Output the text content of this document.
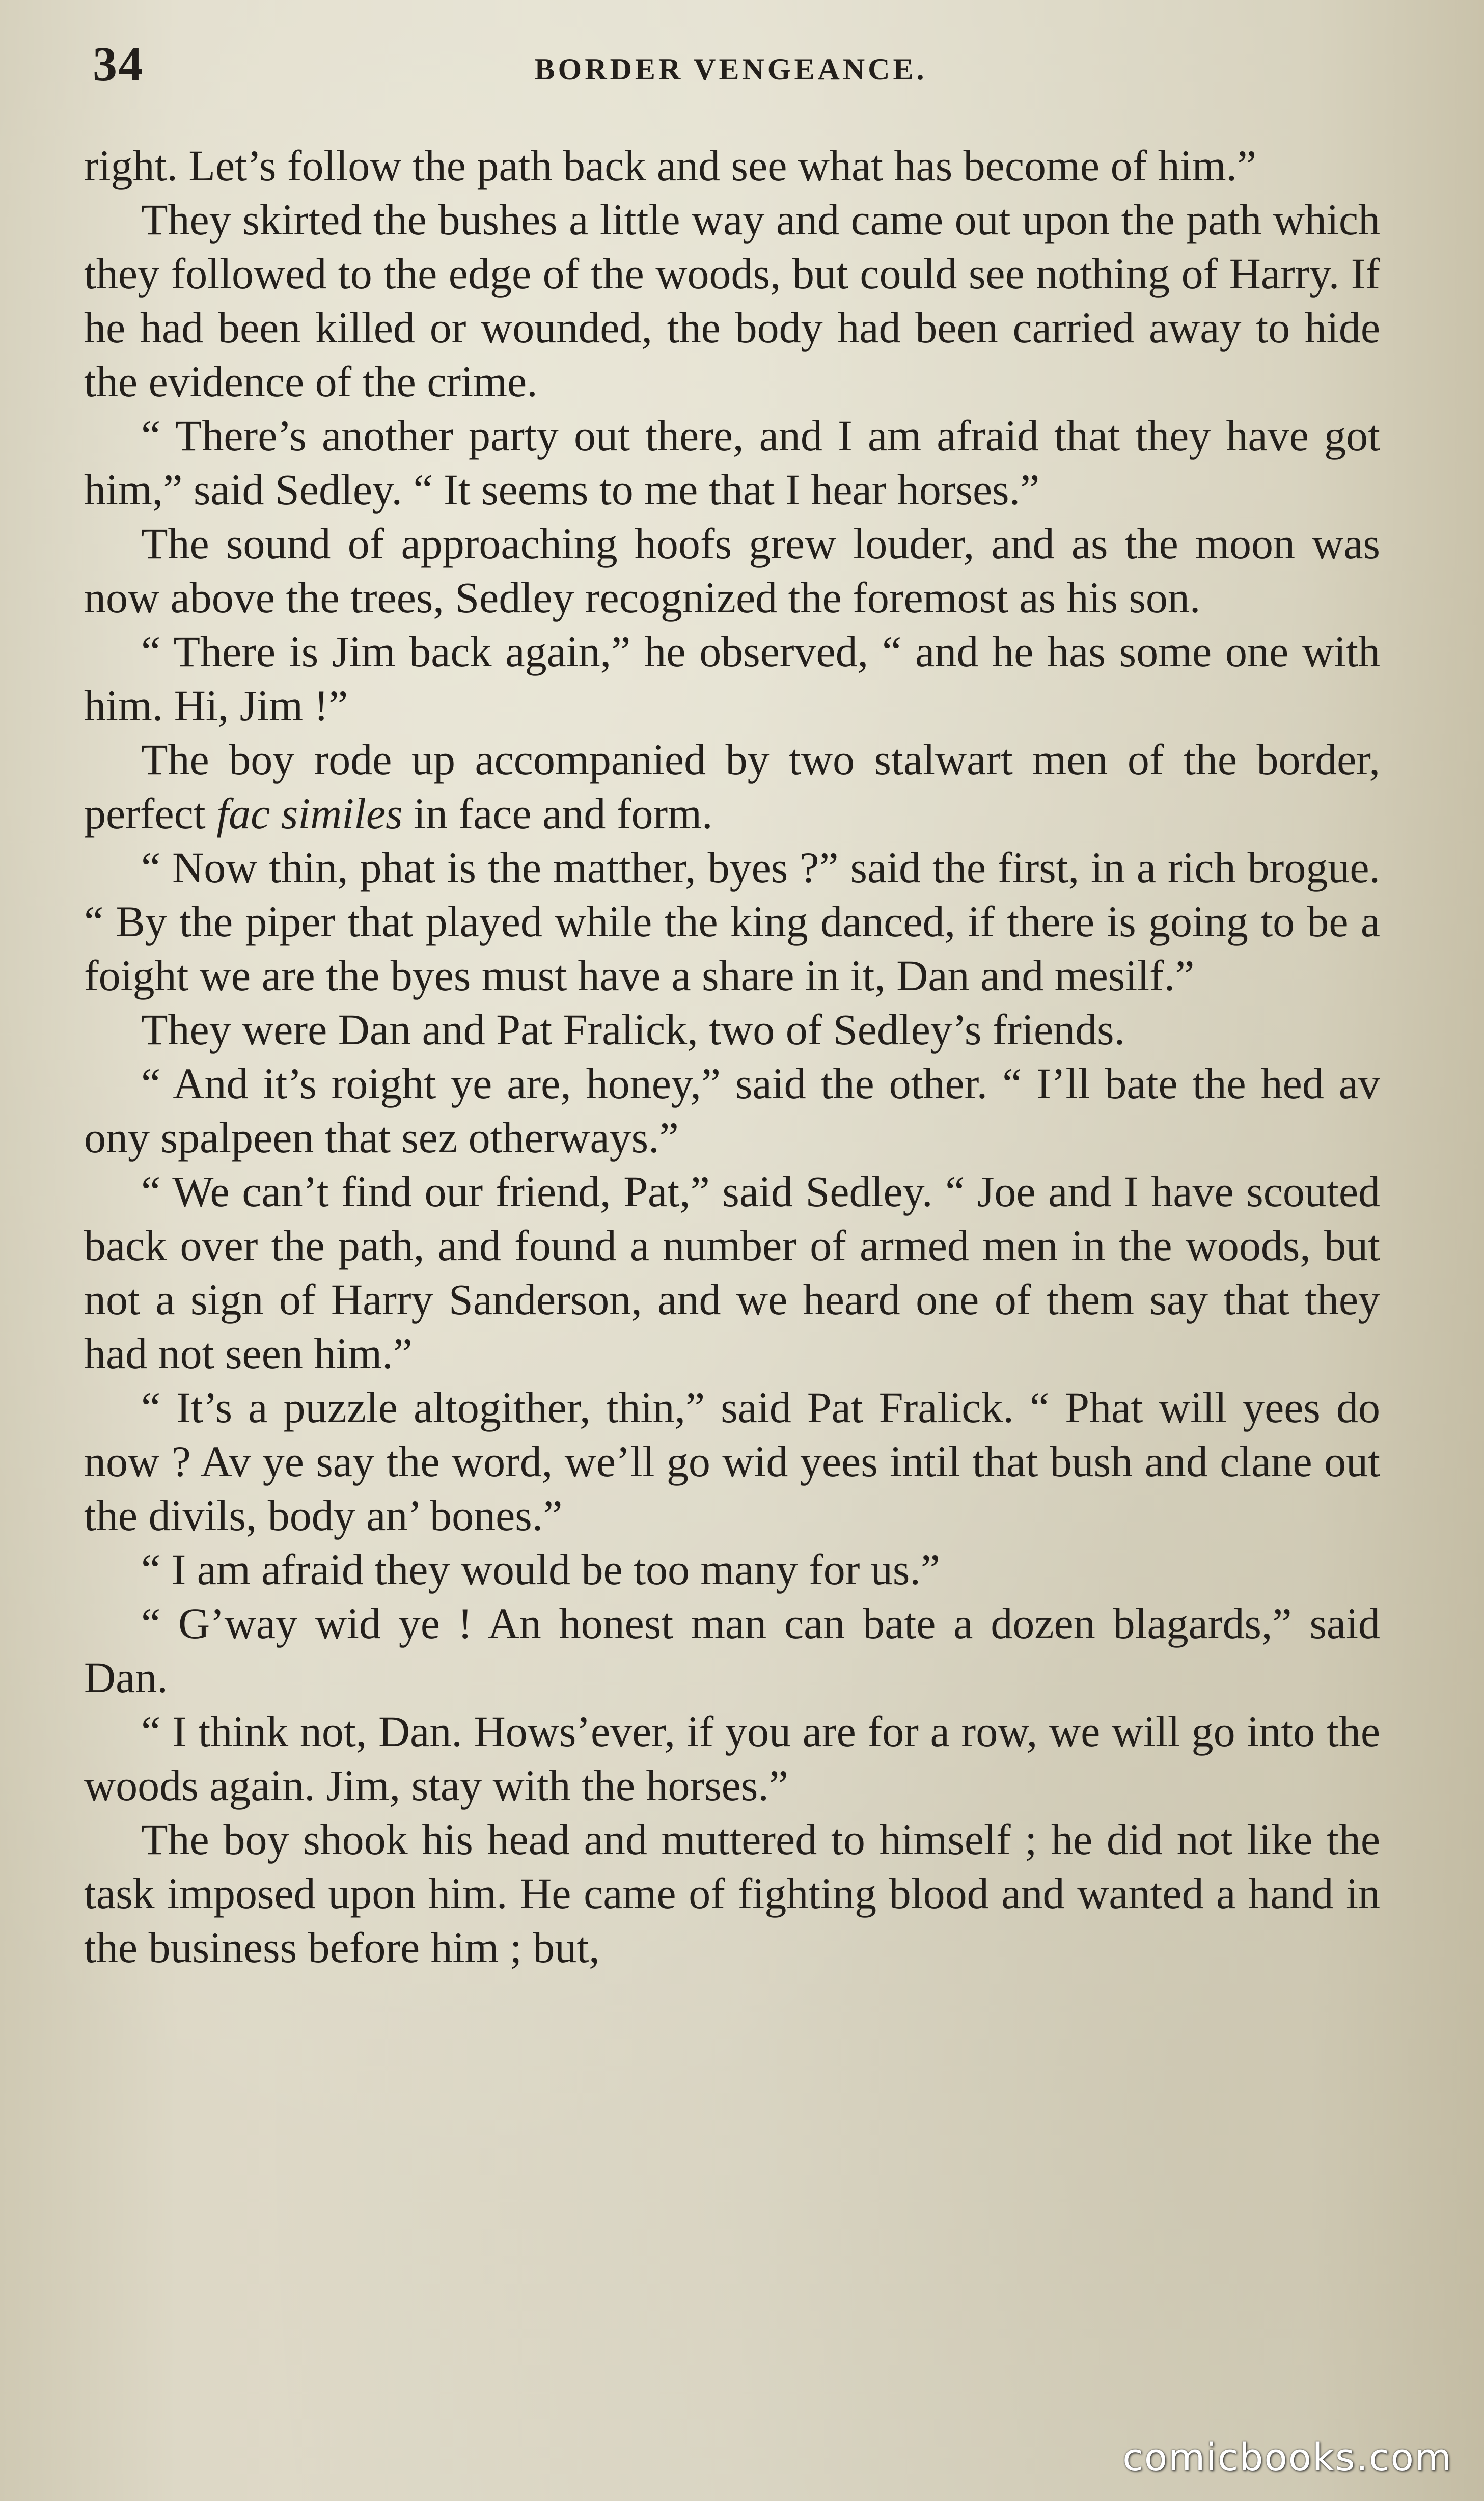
34	BORDER VENGEANCE.

right. Let’s follow the path back and see what has become of him.”

They skirted the bushes a little way and came out upon the path which they followed to the edge of the woods, but could see nothing of Harry. If he had been killed or wounded, the body had been carried away to hide the evidence of the crime.

“ There’s another party out there, and I am afraid that they have got him,” said Sedley. “ It seems to me that I hear horses.”

The sound of approaching hoofs grew louder, and as the moon was now above the trees, Sedley recognized the foremost as his son.

“ There is Jim back again,” he observed, “ and he has some one with him. Hi, Jim !”

The boy rode up accompanied by two stalwart men of the border, perfect fac similes in face and form.

“ Now thin, phat is the matther, byes ?” said the first, in a rich brogue. “ By the piper that played while the king danced, if there is going to be a foight we are the byes must have a share in it, Dan and mesilf.”

They were Dan and Pat Fralick, two of Sedley’s friends.

“ And it’s roight ye are, honey,” said the other. “ I’ll bate the hed av ony spalpeen that sez otherways.”

“ We can’t find our friend, Pat,” said Sedley. “ Joe and I have scouted back over the path, and found a number of armed men in the woods, but not a sign of Harry Sanderson, and we heard one of them say that they had not seen him.”

“ It’s a puzzle altogither, thin,” said Pat Fralick. “ Phat will yees do now ? Av ye say the word, we’ll go wid yees intil that bush and clane out the divils, body an’ bones.”

“ I am afraid they would be too many for us.”

“ G’way wid ye ! An honest man can bate a dozen blagards,” said Dan.

“ I think not, Dan. Hows’ever, if you are for a row, we will go into the woods again. Jim, stay with the horses.”

The boy shook his head and muttered to himself ; he did not like the task imposed upon him. He came of fighting blood and wanted a hand in the business before him ; but,

comicbooks.com
